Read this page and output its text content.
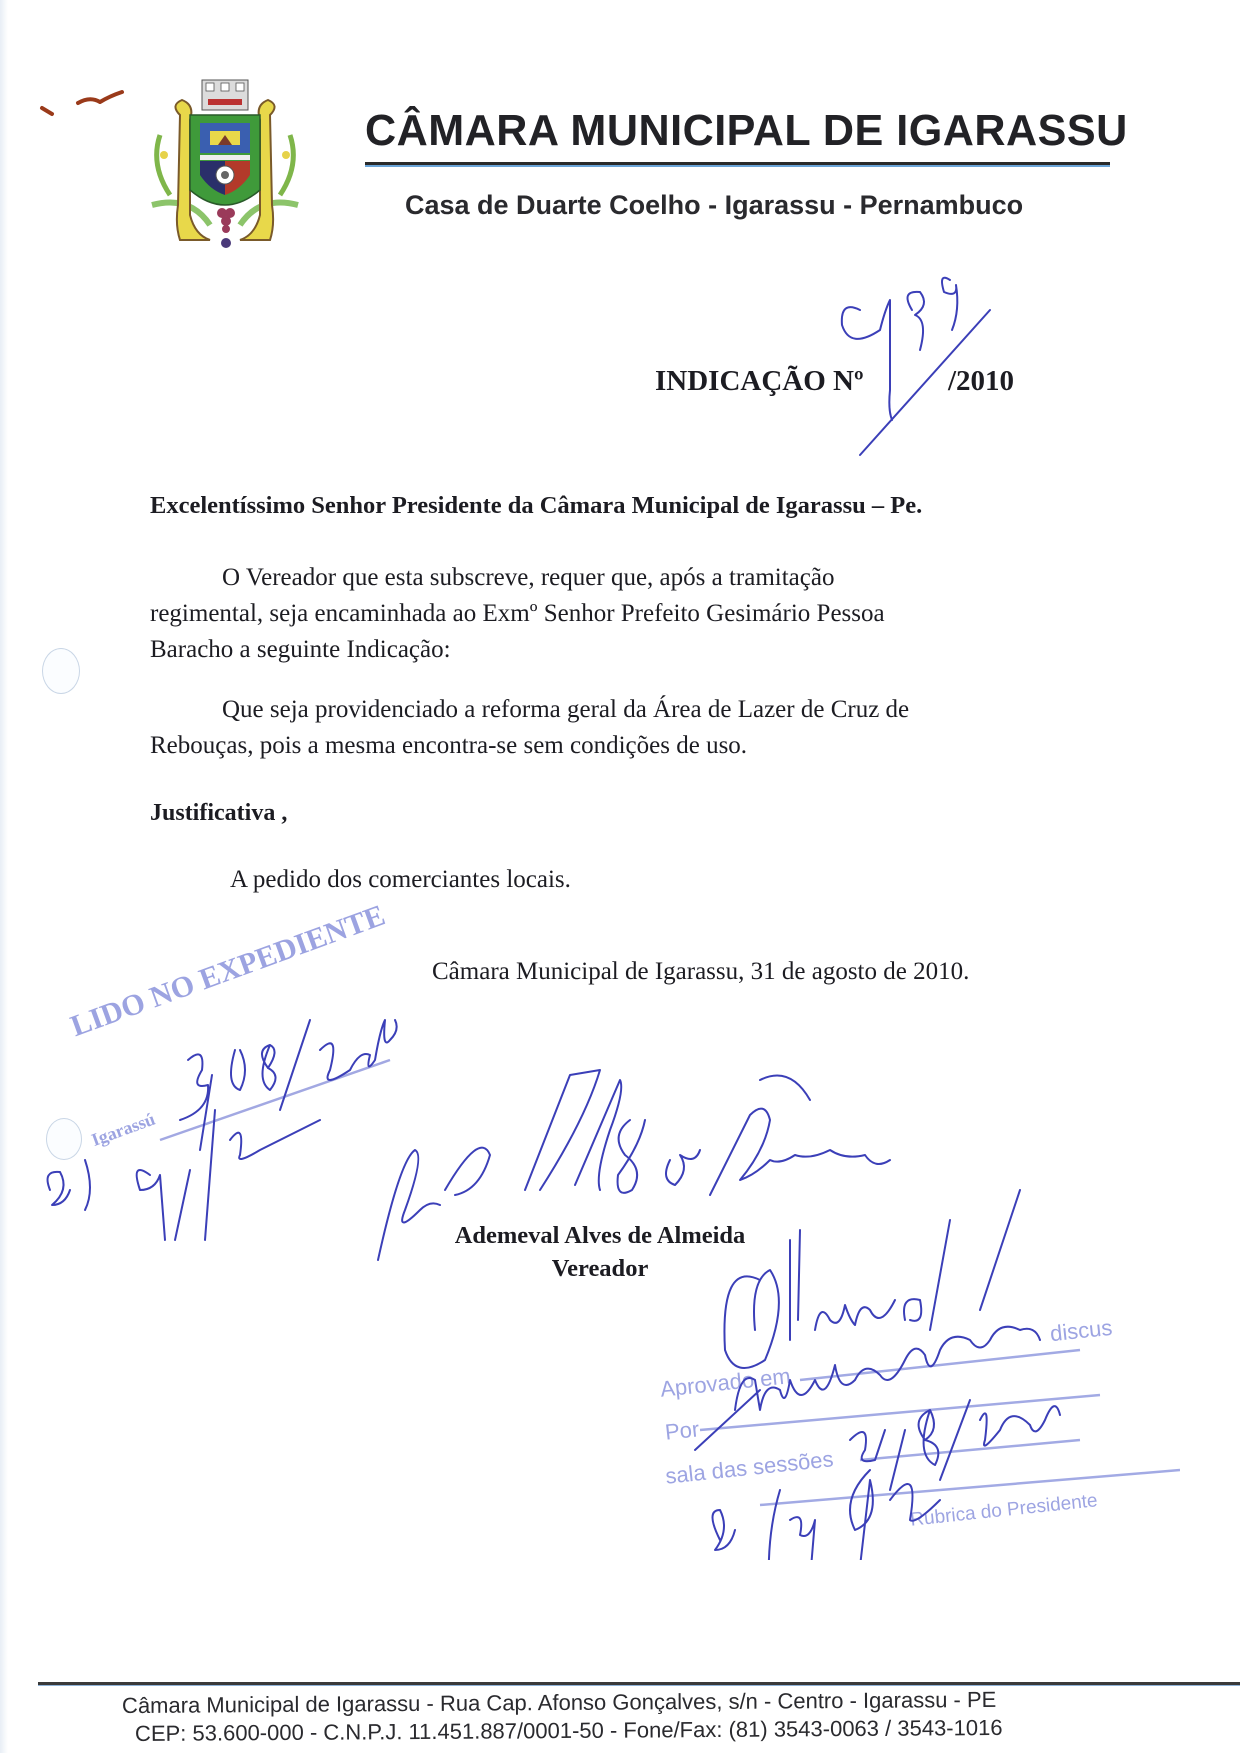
CÂMARA MUNICIPAL DE IGARASSU
Casa de Duarte Coelho - Igarassu - Pernambuco
INDICAÇÃO Nº	/2010
Excelentíssimo Senhor Presidente da Câmara Municipal de Igarassu – Pe.
O Vereador que esta subscreve, requer que, após a tramitação
regimental, seja encaminhada ao Exmº Senhor Prefeito Gesimário Pessoa
Baracho a seguinte Indicação:
Que seja providenciado a reforma geral da Área de Lazer de Cruz de
Rebouças, pois a mesma encontra-se sem condições de uso.
Justificativa ,
A pedido dos comerciantes locais.
Câmara Municipal de Igarassu, 31 de agosto de 2010.
LIDO NO EXPEDIENTE
Igarassú
Ademeval Alves de Almeida
Vereador
Aprovado em
Por
discus
sala das sessões
Rubrica do Presidente
Câmara Municipal de Igarassu - Rua Cap. Afonso Gonçalves, s/n - Centro - Igarassu - PE
CEP: 53.600-000 - C.N.P.J. 11.451.887/0001-50 - Fone/Fax: (81) 3543-0063 / 3543-1016
